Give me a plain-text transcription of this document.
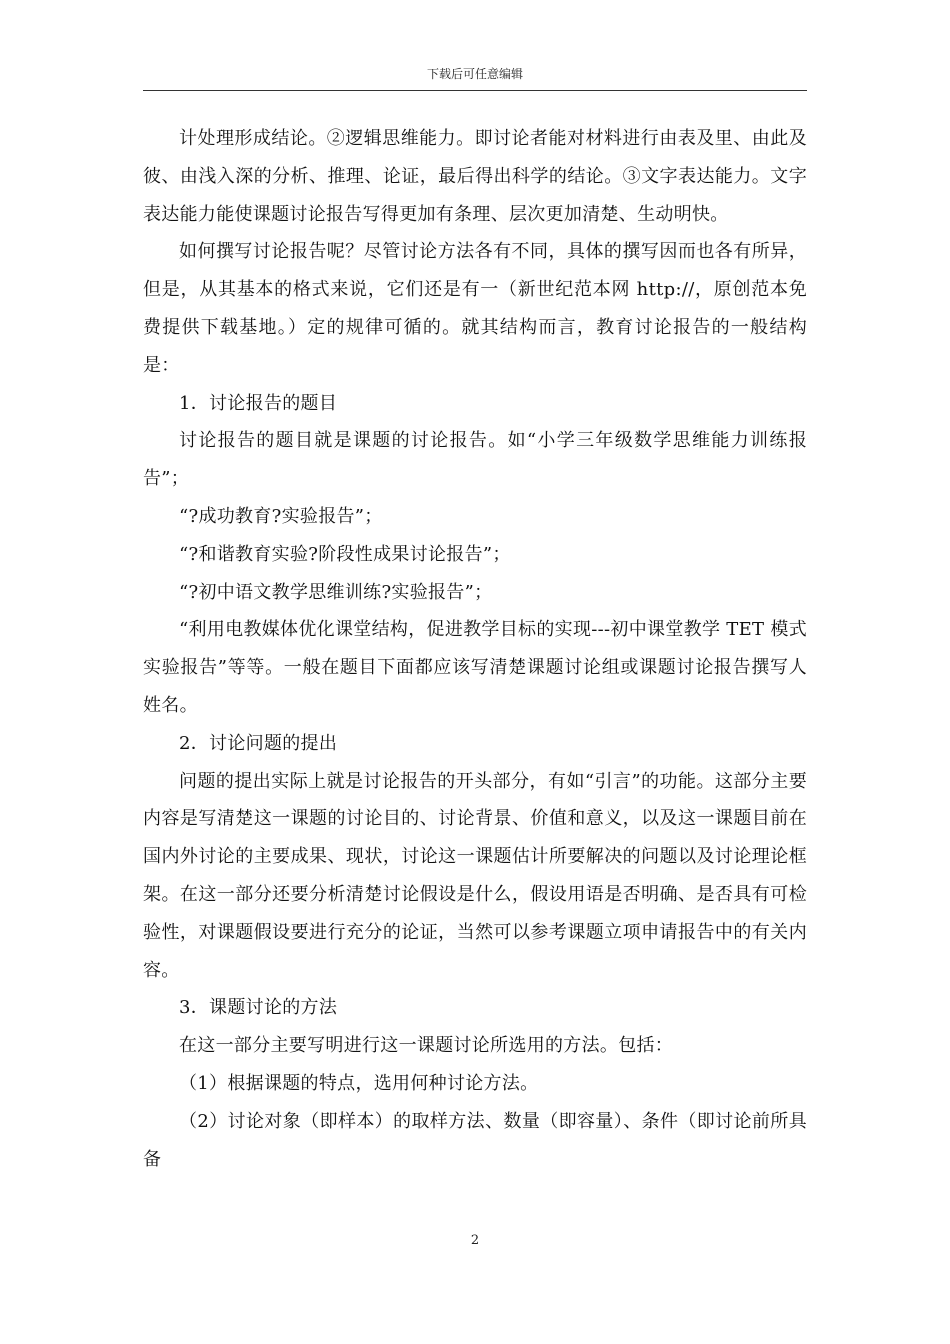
下载后可任意编辑

计处理形成结论。②逻辑思维能力。即讨论者能对材料进行由表及里、由此及彼、由浅入深的分析、推理、论证，最后得出科学的结论。③文字表达能力。文字表达能力能使课题讨论报告写得更加有条理、层次更加清楚、生动明快。

如何撰写讨论报告呢？尽管讨论方法各有不同，具体的撰写因而也各有所异，但是，从其基本的格式来说，它们还是有一（新世纪范本网 http://，原创范本免费提供下载基地。）定的规律可循的。就其结构而言，教育讨论报告的一般结构是：

1．讨论报告的题目

讨论报告的题目就是课题的讨论报告。如“小学三年级数学思维能力训练报告”；

“?成功教育?实验报告”；

“?和谐教育实验?阶段性成果讨论报告”；

“?初中语文教学思维训练?实验报告”；

“利用电教媒体优化课堂结构，促进教学目标的实现---初中课堂教学 TET 模式实验报告”等等。一般在题目下面都应该写清楚课题讨论组或课题讨论报告撰写人姓名。

2．讨论问题的提出

问题的提出实际上就是讨论报告的开头部分，有如“引言”的功能。这部分主要内容是写清楚这一课题的讨论目的、讨论背景、价值和意义，以及这一课题目前在国内外讨论的主要成果、现状，讨论这一课题估计所要解决的问题以及讨论理论框架。在这一部分还要分析清楚讨论假设是什么，假设用语是否明确、是否具有可检验性，对课题假设要进行充分的论证，当然可以参考课题立项申请报告中的有关内容。

3．课题讨论的方法

在这一部分主要写明进行这一课题讨论所选用的方法。包括：

（1）根据课题的特点，选用何种讨论方法。

（2）讨论对象（即样本）的取样方法、数量（即容量）、条件（即讨论前所具备

2
